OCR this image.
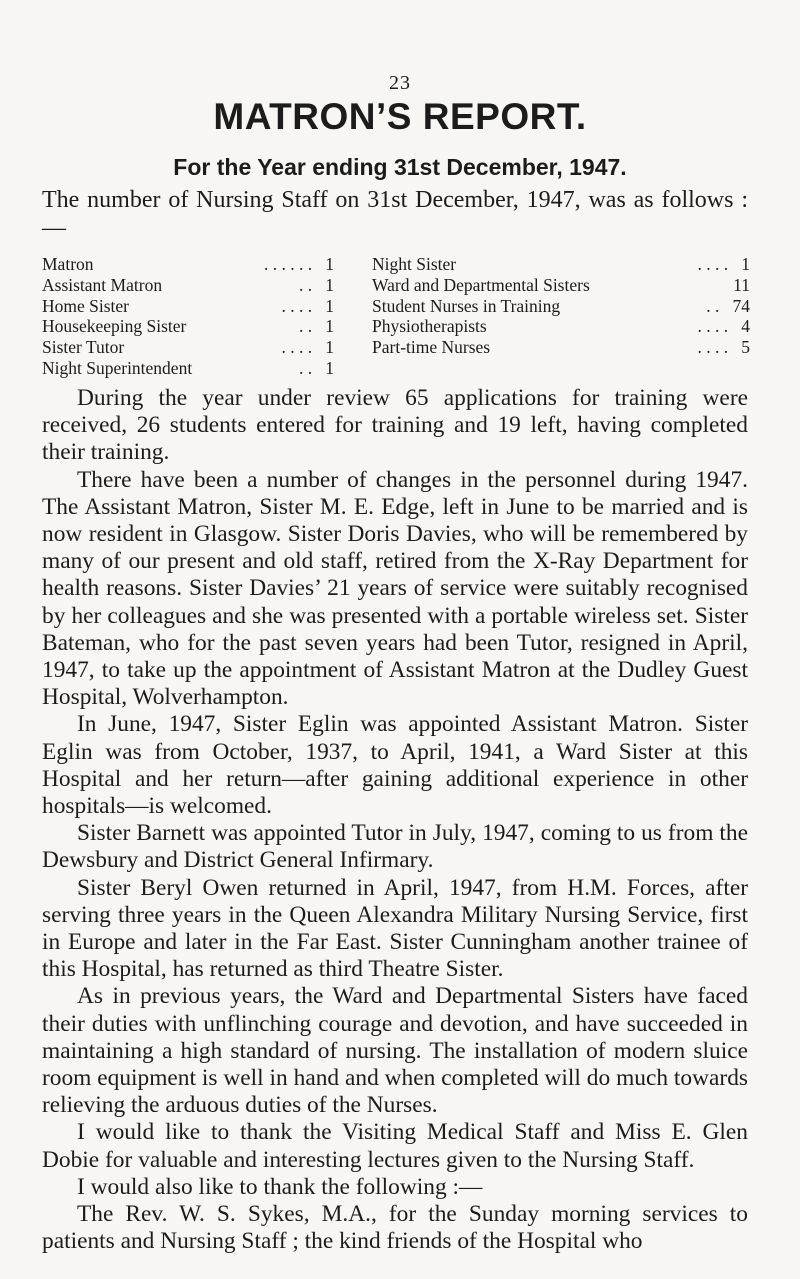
23
MATRON’S REPORT.
For the Year ending 31st December, 1947.
The number of Nursing Staff on 31st December, 1947, was as follows :—
Matron	. . . . . . 1
Assistant Matron	. . 1
Home Sister	. . . . 1
Housekeeping Sister	. . 1
Sister Tutor	. . . . 1
Night Superintendent	. . 1
Night Sister	. . . . 1
Ward and Departmental Sisters	11
Student Nurses in Training	. . 74
Physiotherapists	. . . . 4
Part-time Nurses	. . . . 5

During the year under review 65 applications for training were received, 26 students entered for training and 19 left, having completed their training.

There have been a number of changes in the personnel during 1947. The Assistant Matron, Sister M. E. Edge, left in June to be married and is now resident in Glasgow. Sister Doris Davies, who will be remembered by many of our present and old staff, retired from the X-Ray Department for health reasons. Sister Davies’ 21 years of service were suitably recognised by her colleagues and she was presented with a portable wireless set. Sister Bateman, who for the past seven years had been Tutor, resigned in April, 1947, to take up the appointment of Assistant Matron at the Dudley Guest Hospital, Wolverhampton.

In June, 1947, Sister Eglin was appointed Assistant Matron. Sister Eglin was from October, 1937, to April, 1941, a Ward Sister at this Hospital and her return—after gaining additional experience in other hospitals—is welcomed.

Sister Barnett was appointed Tutor in July, 1947, coming to us from the Dewsbury and District General Infirmary.

Sister Beryl Owen returned in April, 1947, from H.M. Forces, after serving three years in the Queen Alexandra Military Nursing Service, first in Europe and later in the Far East. Sister Cunningham another trainee of this Hospital, has returned as third Theatre Sister.

As in previous years, the Ward and Departmental Sisters have faced their duties with unflinching courage and devotion, and have succeeded in maintaining a high standard of nursing. The installation of modern sluice room equipment is well in hand and when completed will do much towards relieving the arduous duties of the Nurses.

I would like to thank the Visiting Medical Staff and Miss E. Glen Dobie for valuable and interesting lectures given to the Nursing Staff.

I would also like to thank the following :—

The Rev. W. S. Sykes, M.A., for the Sunday morning services to patients and Nursing Staff ; the kind friends of the Hospital who
